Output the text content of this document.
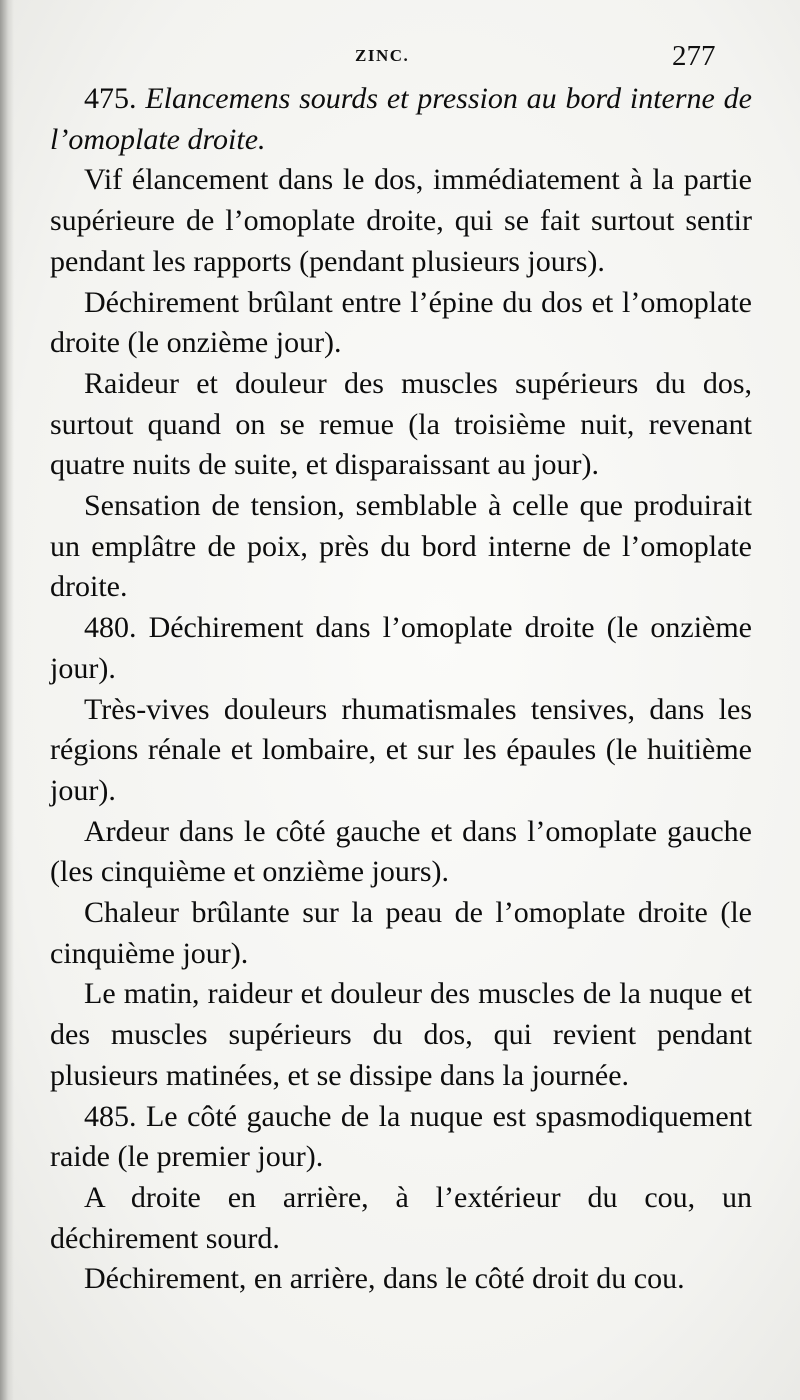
ZINC.	277

475. Elancemens sourds et pression au bord interne de l’omoplate droite.

Vif élancement dans le dos, immédiatement à la partie supérieure de l’omoplate droite, qui se fait surtout sentir pendant les rapports (pendant plusieurs jours).

Déchirement brûlant entre l’épine du dos et l’omoplate droite (le onzième jour).

Raideur et douleur des muscles supérieurs du dos, surtout quand on se remue (la troisième nuit, revenant quatre nuits de suite, et disparaissant au jour).

Sensation de tension, semblable à celle que produirait un emplâtre de poix, près du bord interne de l’omoplate droite.

480. Déchirement dans l’omoplate droite (le onzième jour).

Très-vives douleurs rhumatismales tensives, dans les régions rénale et lombaire, et sur les épaules (le huitième jour).

Ardeur dans le côté gauche et dans l’omoplate gauche (les cinquième et onzième jours).

Chaleur brûlante sur la peau de l’omoplate droite (le cinquième jour).

Le matin, raideur et douleur des muscles de la nuque et des muscles supérieurs du dos, qui revient pendant plusieurs matinées, et se dissipe dans la journée.

485. Le côté gauche de la nuque est spasmodiquement raide (le premier jour).

A droite en arrière, à l’extérieur du cou, un déchirement sourd.

Déchirement, en arrière, dans le côté droit du cou.
